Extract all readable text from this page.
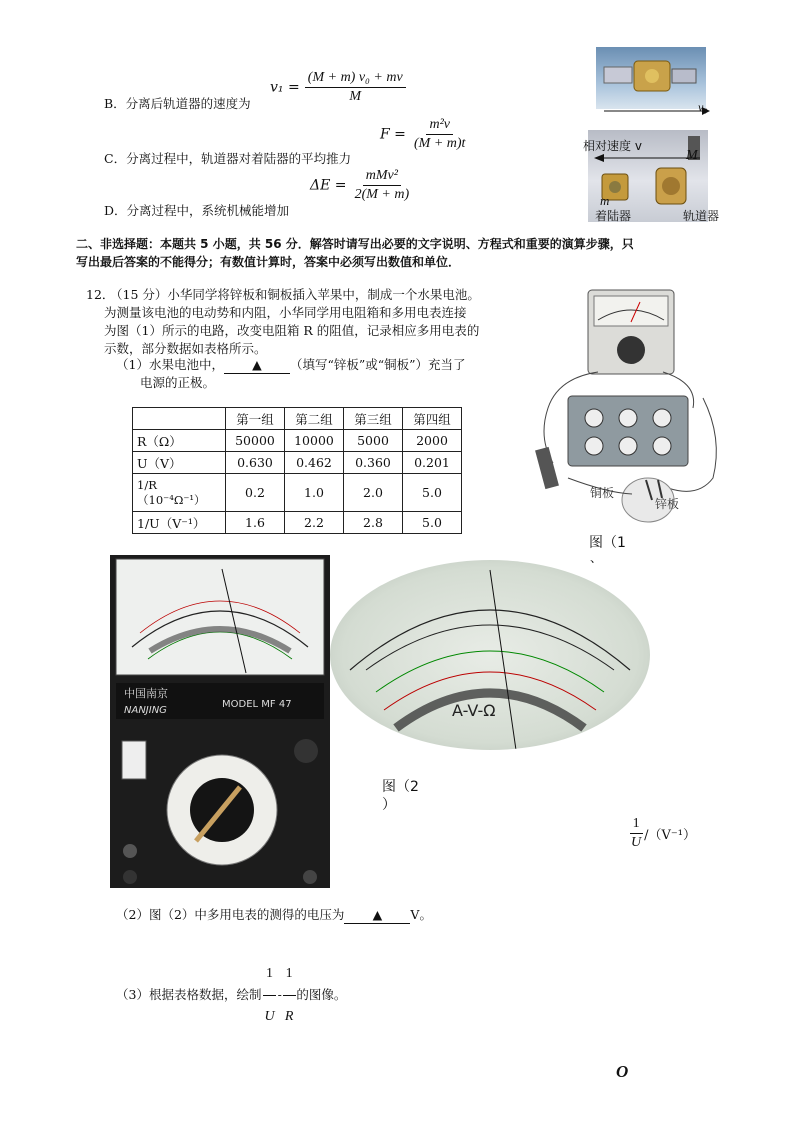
B．分离后轨道器的速度为
$v_1 = \frac{\text{(M + m) v₀ + mv}}{M}$
C．分离过程中，轨道器对着陆器的平均推力
$F = \frac{\text{m²v}}{(M + m)t}$
D．分离过程中，系统机械能增加
$\Delta E = \frac{\text{mMv²}}{2(M + m)}$
v₀
相对速度 v
M
m
着陆器	轨道器
二、非选择题：本题共 5 小题，共 56 分．解答时请写出必要的文字说明、方程式和重要的演算步骤，只
写出最后答案的不能得分；有数值计算时，答案中必须写出数值和单位．
12．
（15 分）小华同学将锌板和铜板插入苹果中，制成一个水果电池。
为测量该电池的电动势和内阻，小华同学用电阻箱和多用电表连接
为图（1）所示的电路，改变电阻箱 R 的阻值，记录相应多用电表的
示数，部分数据如表格所示。
（1）水果电池中， ▲ （填写“锌板”或“铜板”）充当了
电源的正极。
	第一组	第二组	第三组	第四组
R（Ω）	50000	10000	5000	2000
U（V）	0.630	0.462	0.360	0.201
1/R （10⁻⁴Ω⁻¹）	0.2	1.0	2.0	5.0
1/U（V⁻¹）	1.6	2.2	2.8	5.0
铜板
锌板
图（1
、
中国南京
NANJING
MODEL MF 47	A-V-Ω
图（2
）
$\frac{1}{U} /(V^{-1})$
（2）图（2）中多用电表的测得的电压为 ▲ V。
（3）根据表格数据，绘制 $\frac{1}{U} - \frac{1}{R}$ 的图像。
O
